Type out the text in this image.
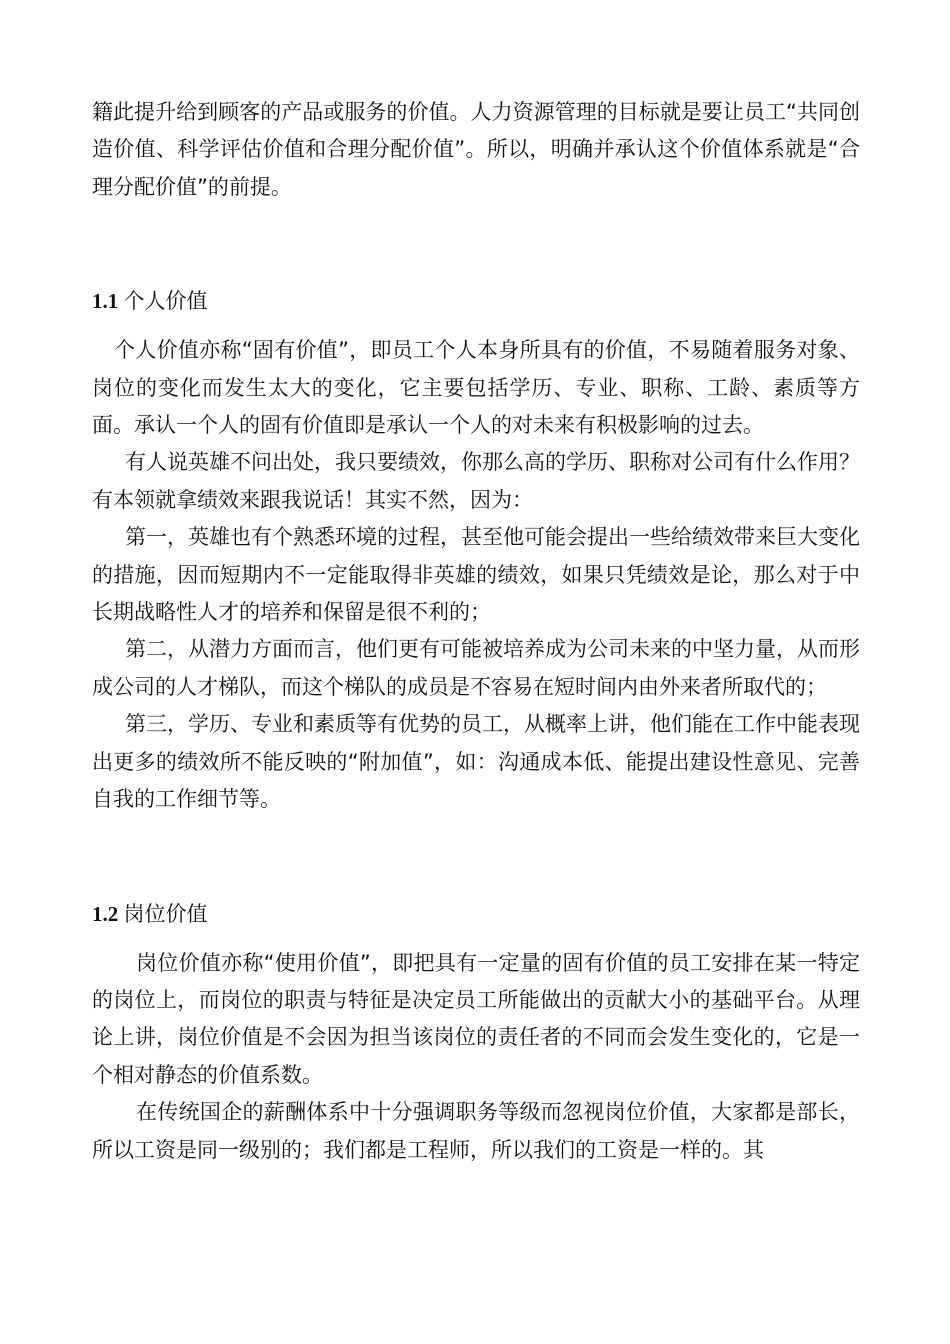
籍此提升给到顾客的产品或服务的价值。人力资源管理的目标就是要让员工“共同创造价值、科学评估价值和合理分配价值”。所以，明确并承认这个价值体系就是“合理分配价值”的前提。

1.1 个人价值

个人价值亦称“固有价值”，即员工个人本身所具有的价值，不易随着服务对象、岗位的变化而发生太大的变化，它主要包括学历、专业、职称、工龄、素质等方面。承认一个人的固有价值即是承认一个人的对未来有积极影响的过去。

有人说英雄不问出处，我只要绩效，你那么高的学历、职称对公司有什么作用？有本领就拿绩效来跟我说话！其实不然，因为：

第一，英雄也有个熟悉环境的过程，甚至他可能会提出一些给绩效带来巨大变化的措施，因而短期内不一定能取得非英雄的绩效，如果只凭绩效是论，那么对于中长期战略性人才的培养和保留是很不利的；

第二，从潜力方面而言，他们更有可能被培养成为公司未来的中坚力量，从而形成公司的人才梯队，而这个梯队的成员是不容易在短时间内由外来者所取代的；

第三，学历、专业和素质等有优势的员工，从概率上讲，他们能在工作中能表现出更多的绩效所不能反映的“附加值”，如：沟通成本低、能提出建设性意见、完善自我的工作细节等。

1.2 岗位价值

岗位价值亦称“使用价值”，即把具有一定量的固有价值的员工安排在某一特定的岗位上，而岗位的职责与特征是决定员工所能做出的贡献大小的基础平台。从理论上讲，岗位价值是不会因为担当该岗位的责任者的不同而会发生变化的，它是一个相对静态的价值系数。

在传统国企的薪酬体系中十分强调职务等级而忽视岗位价值，大家都是部长，所以工资是同一级别的；我们都是工程师，所以我们的工资是一样的。其
